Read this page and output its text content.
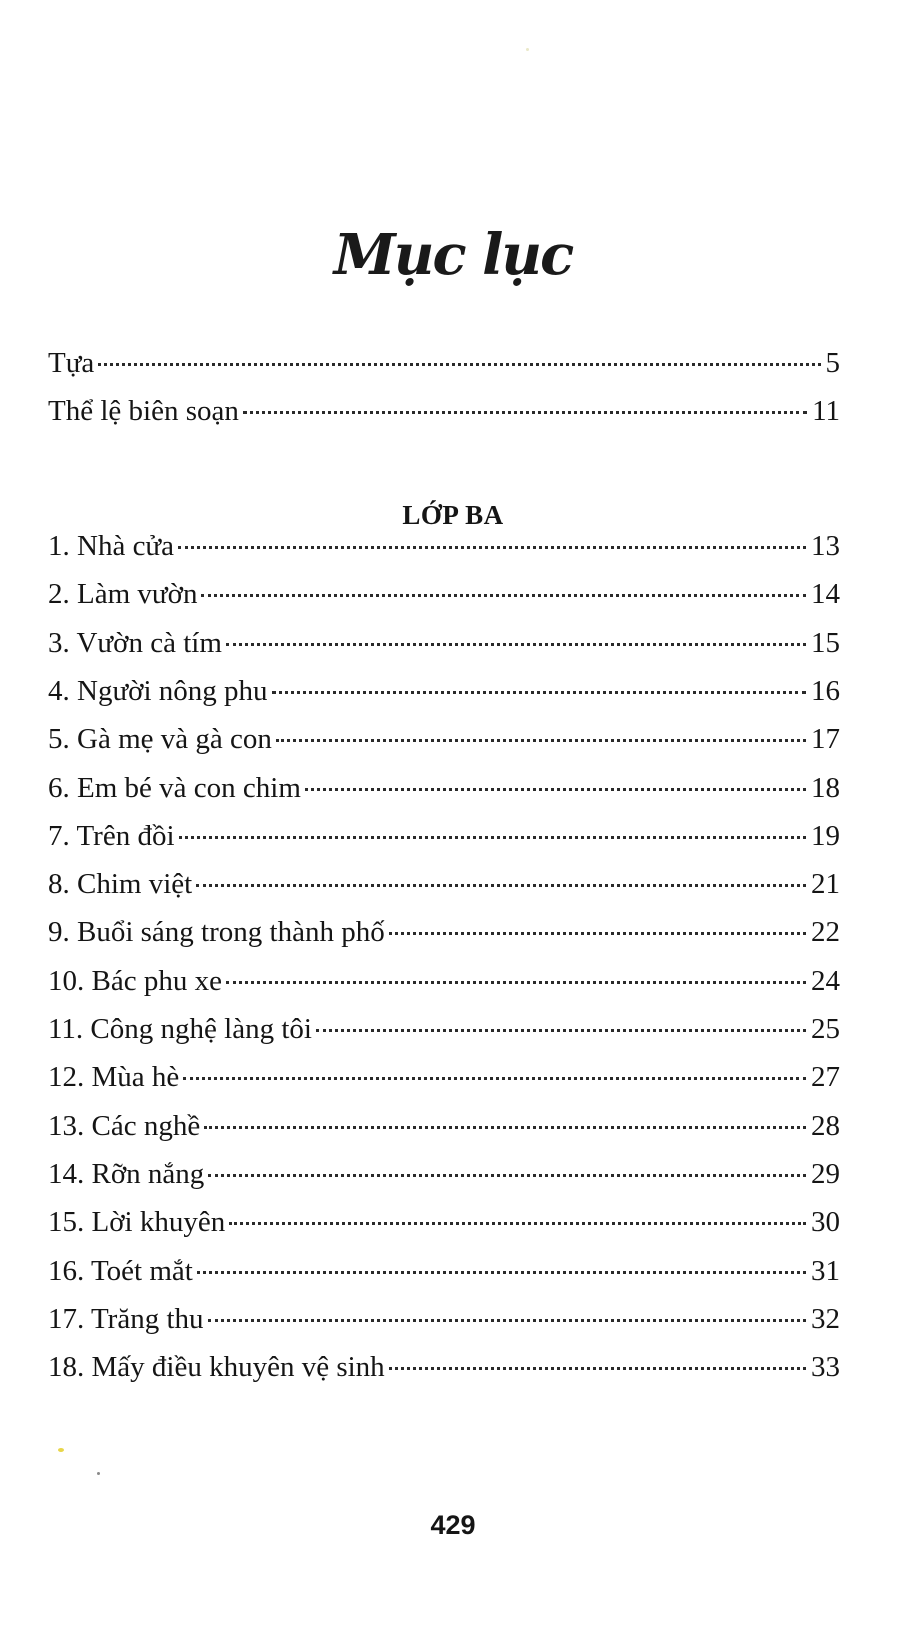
Mục lục
Tựa	5
Thể lệ biên soạn	11
LỚP BA
1. Nhà cửa	13
2. Làm vườn	14
3. Vườn cà tím	15
4. Người nông phu	16
5. Gà mẹ và gà con	17
6. Em bé và con chim	18
7. Trên đồi	19
8. Chim việt	21
9. Buổi sáng trong thành phố	22
10. Bác phu xe	24
11. Công nghệ làng tôi	25
12. Mùa hè	27
13. Các nghề	28
14. Rỡn nắng	29
15. Lời khuyên	30
16. Toét mắt	31
17. Trăng thu	32
18. Mấy điều khuyên vệ sinh	33
429
